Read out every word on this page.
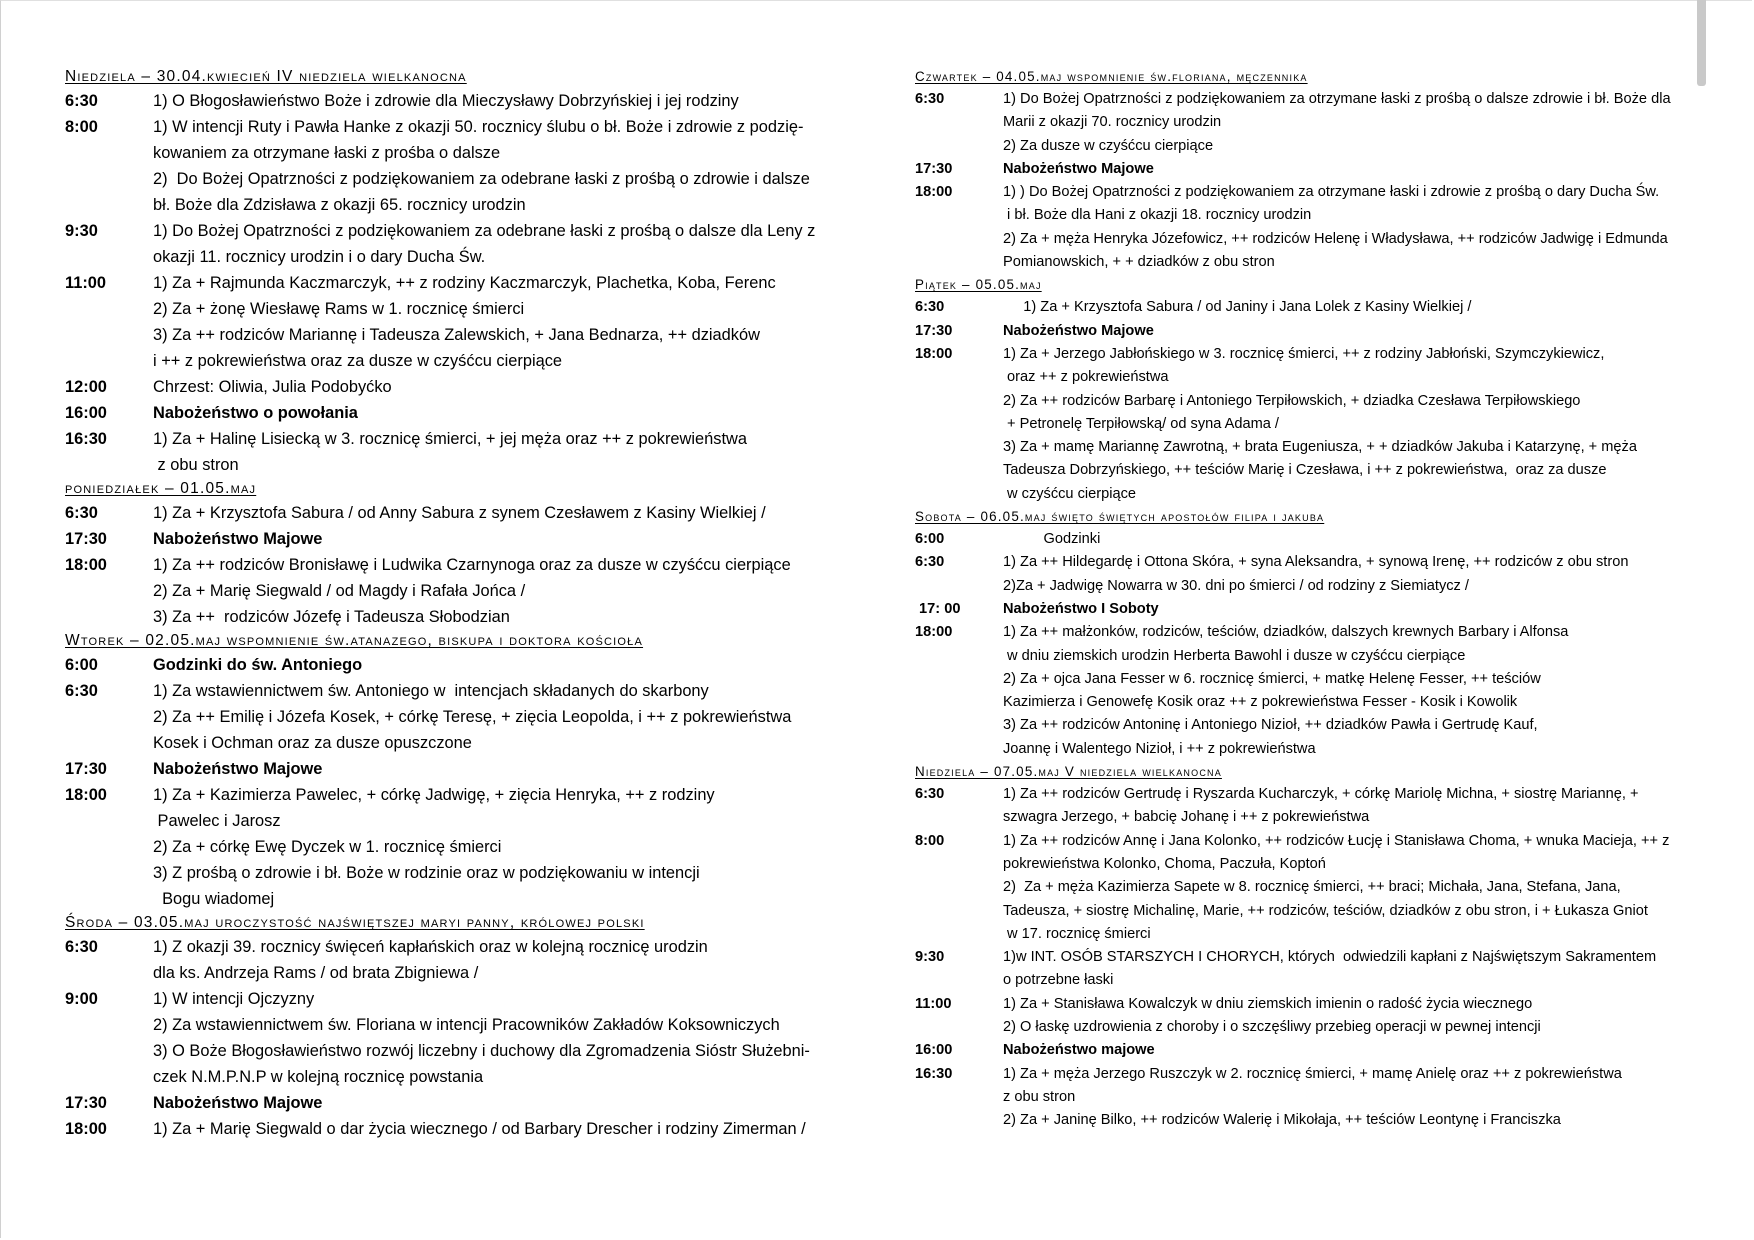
Niedziela – 30.04.kwiecień IV niedziela wielkanocna
6:30	1) O Błogosławieństwo Boże i zdrowie dla Mieczysławy Dobrzyńskiej i jej rodziny
8:00	1) W intencji Ruty i Pawła Hanke z okazji 50. rocznicy ślubu o bł. Boże i zdrowie z podzię-
kowaniem za otrzymane łaski z prośba o dalsze
2)  Do Bożej Opatrzności z podziękowaniem za odebrane łaski z prośbą o zdrowie i dalsze
bł. Boże dla Zdzisława z okazji 65. rocznicy urodzin
9:30	1) Do Bożej Opatrzności z podziękowaniem za odebrane łaski z prośbą o dalsze dla Leny z
okazji 11. rocznicy urodzin i o dary Ducha Św.
11:00	1) Za + Rajmunda Kaczmarczyk, ++ z rodziny Kaczmarczyk, Plachetka, Koba, Ferenc
2) Za + żonę Wiesławę Rams w 1. rocznicę śmierci
3) Za ++ rodziców Mariannę i Tadeusza Zalewskich, + Jana Bednarza, ++ dziadków
i ++ z pokrewieństwa oraz za dusze w czyśćcu cierpiące
12:00	Chrzest: Oliwia, Julia Podobyćko
16:00	Nabożeństwo o powołania
16:30	1) Za + Halinę Lisiecką w 3. rocznicę śmierci, + jej męża oraz ++ z pokrewieństwa
z obu stron
poniedziałek – 01.05.maj
6:30	1) Za + Krzysztofa Sabura / od Anny Sabura z synem Czesławem z Kasiny Wielkiej /
17:30	Nabożeństwo Majowe
18:00	1) Za ++ rodziców Bronisławę i Ludwika Czarnynoga oraz za dusze w czyśćcu cierpiące
2) Za + Marię Siegwald / od Magdy i Rafała Jońca /
3) Za ++  rodziców Józefę i Tadeusza Słobodzian
Wtorek – 02.05.maj wspomnienie św.atanazego, biskupa i doktora kościoła
6:00	Godzinki do św. Antoniego
6:30	1) Za wstawiennictwem św. Antoniego w  intencjach składanych do skarbony
2) Za ++ Emilię i Józefa Kosek, + córkę Teresę, + zięcia Leopolda, i ++ z pokrewieństwa
Kosek i Ochman oraz za dusze opuszczone
17:30	Nabożeństwo Majowe
18:00	1) Za + Kazimierza Pawelec, + córkę Jadwigę, + zięcia Henryka, ++ z rodziny
Pawelec i Jarosz
2) Za + córkę Ewę Dyczek w 1. rocznicę śmierci
3) Z prośbą o zdrowie i bł. Boże w rodzinie oraz w podziękowaniu w intencji
Bogu wiadomej
Środa – 03.05.maj uroczystość najświętszej maryi panny, królowej polski
6:30	1) Z okazji 39. rocznicy święceń kapłańskich oraz w kolejną rocznicę urodzin
dla ks. Andrzeja Rams / od brata Zbigniewa /
9:00	1) W intencji Ojczyzny
2) Za wstawiennictwem św. Floriana w intencji Pracowników Zakładów Koksowniczych
3) O Boże Błogosławieństwo rozwój liczebny i duchowy dla Zgromadzenia Sióstr Służebni-
czek N.M.P.N.P w kolejną rocznicę powstania
17:30	Nabożeństwo Majowe
18:00	1) Za + Marię Siegwald o dar życia wiecznego / od Barbary Drescher i rodziny Zimerman /
Czwartek – 04.05.maj wspomnienie św.floriana, męczennika
6:30	1) Do Bożej Opatrzności z podziękowaniem za otrzymane łaski z prośbą o dalsze zdrowie i bł. Boże dla
Marii z okazji 70. rocznicy urodzin
2) Za dusze w czyśćcu cierpiące
17:30	Nabożeństwo Majowe
18:00	1) ) Do Bożej Opatrzności z podziękowaniem za otrzymane łaski i zdrowie z prośbą o dary Ducha Św.
i bł. Boże dla Hani z okazji 18. rocznicy urodzin
2) Za + męża Henryka Józefowicz, ++ rodziców Helenę i Władysława, ++ rodziców Jadwigę i Edmunda
Pomianowskich, + + dziadków z obu stron
Piątek – 05.05.maj
6:30	1) Za + Krzysztofa Sabura / od Janiny i Jana Lolek z Kasiny Wielkiej /
17:30	Nabożeństwo Majowe
18:00	1) Za + Jerzego Jabłońskiego w 3. rocznicę śmierci, ++ z rodziny Jabłoński, Szymczykiewicz,
oraz ++ z pokrewieństwa
2) Za ++ rodziców Barbarę i Antoniego Terpiłowskich, + dziadka Czesława Terpiłowskiego
+ Petronelę Terpiłowską/ od syna Adama /
3) Za + mamę Mariannę Zawrotną, + brata Eugeniusza, + + dziadków Jakuba i Katarzynę, + męża
Tadeusza Dobrzyńskiego, ++ teściów Marię i Czesława, i ++ z pokrewieństwa,  oraz za dusze
w czyśćcu cierpiące
Sobota – 06.05.maj święto świętych apostołów filipa i jakuba
6:00	Godzinki
6:30	1) Za ++ Hildegardę i Ottona Skóra, + syna Aleksandra, + synową Irenę, ++ rodziców z obu stron
2)Za + Jadwigę Nowarra w 30. dni po śmierci / od rodziny z Siemiatycz /
17: 00	Nabożeństwo I Soboty
18:00	1) Za ++ małżonków, rodziców, teściów, dziadków, dalszych krewnych Barbary i Alfonsa
w dniu ziemskich urodzin Herberta Bawohl i dusze w czyśćcu cierpiące
2) Za + ojca Jana Fesser w 6. rocznicę śmierci, + matkę Helenę Fesser, ++ teściów
Kazimierza i Genowefę Kosik oraz ++ z pokrewieństwa Fesser - Kosik i Kowolik
3) Za ++ rodziców Antoninę i Antoniego Nizioł, ++ dziadków Pawła i Gertrudę Kauf,
Joannę i Walentego Nizioł, i ++ z pokrewieństwa
Niedziela – 07.05.maj V niedziela wielkanocna
6:30	1) Za ++ rodziców Gertrudę i Ryszarda Kucharczyk, + córkę Mariolę Michna, + siostrę Mariannę, +
szwagra Jerzego, + babcię Johanę i ++ z pokrewieństwa
8:00	1) Za ++ rodziców Annę i Jana Kolonko, ++ rodziców Łucję i Stanisława Choma, + wnuka Macieja, ++ z
pokrewieństwa Kolonko, Choma, Paczuła, Koptoń
2)  Za + męża Kazimierza Sapete w 8. rocznicę śmierci, ++ braci; Michała, Jana, Stefana, Jana,
Tadeusza, + siostrę Michalinę, Marie, ++ rodziców, teściów, dziadków z obu stron, i + Łukasza Gniot
w 17. rocznicę śmierci
9:30	1)w INT. OSÓB STARSZYCH I CHORYCH, których  odwiedzili kapłani z Najświętszym Sakramentem
o potrzebne łaski
11:00	1) Za + Stanisława Kowalczyk w dniu ziemskich imienin o radość życia wiecznego
2) O łaskę uzdrowienia z choroby i o szczęśliwy przebieg operacji w pewnej intencji
16:00	Nabożeństwo majowe
16:30	1) Za + męża Jerzego Ruszczyk w 2. rocznicę śmierci, + mamę Anielę oraz ++ z pokrewieństwa
z obu stron
2) Za + Janinę Bilko, ++ rodziców Walerię i Mikołaja, ++ teściów Leontynę i Franciszka
